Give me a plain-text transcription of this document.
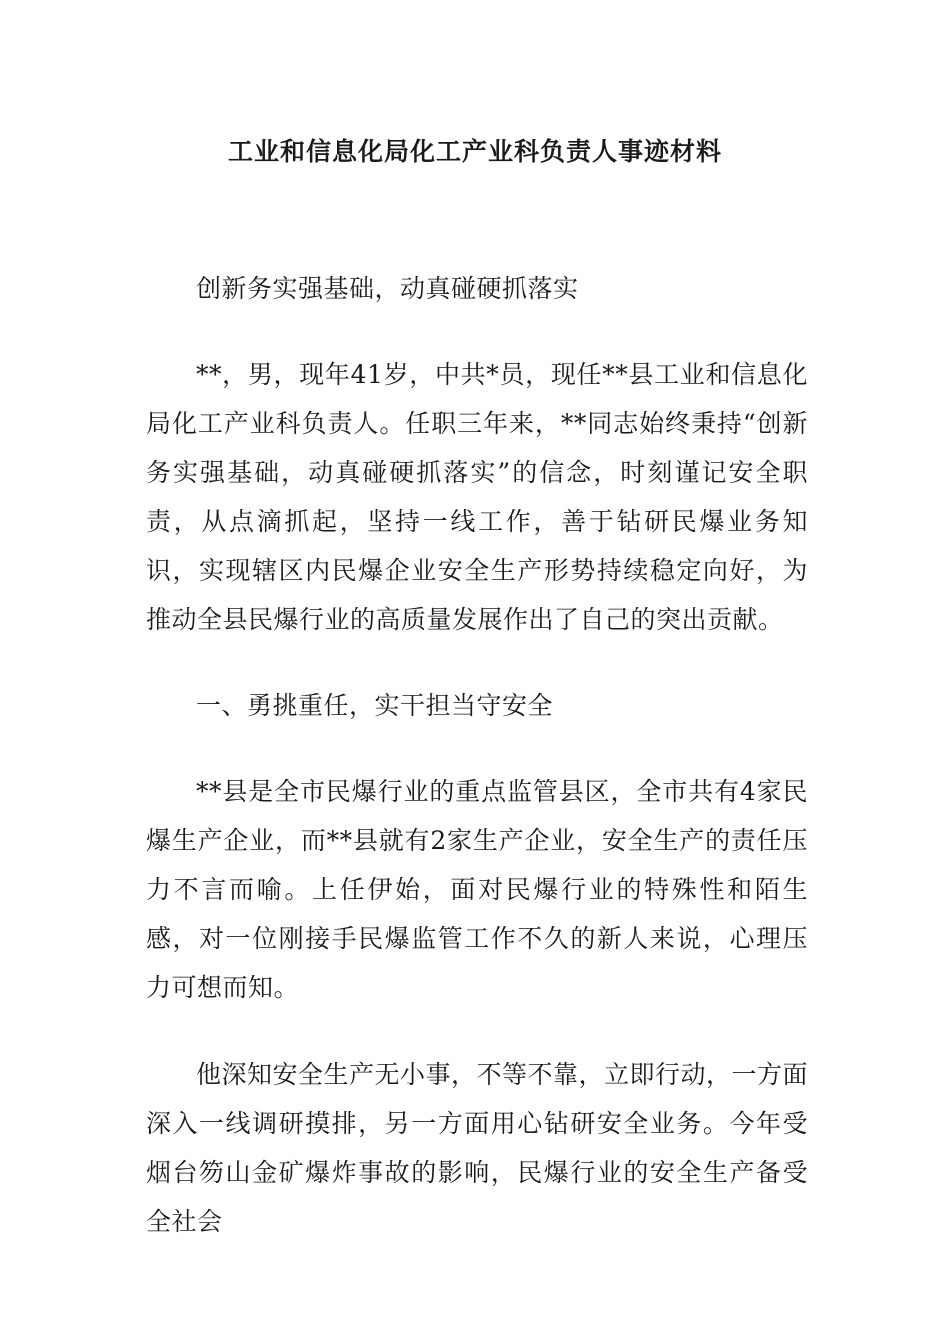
工业和信息化局化工产业科负责人事迹材料

创新务实强基础，动真碰硬抓落实

**，男，现年41岁，中共*员，现任**县工业和信息化局化工产业科负责人。任职三年来，**同志始终秉持“创新务实强基础，动真碰硬抓落实”的信念，时刻谨记安全职责，从点滴抓起，坚持一线工作，善于钻研民爆业务知识，实现辖区内民爆企业安全生产形势持续稳定向好，为推动全县民爆行业的高质量发展作出了自己的突出贡献。

一、勇挑重任，实干担当守安全

**县是全市民爆行业的重点监管县区，全市共有4家民爆生产企业，而**县就有2家生产企业，安全生产的责任压力不言而喻。上任伊始，面对民爆行业的特殊性和陌生感，对一位刚接手民爆监管工作不久的新人来说，心理压力可想而知。

他深知安全生产无小事，不等不靠，立即行动，一方面深入一线调研摸排，另一方面用心钻研安全业务。今年受烟台笏山金矿爆炸事故的影响，民爆行业的安全生产备受全社会
